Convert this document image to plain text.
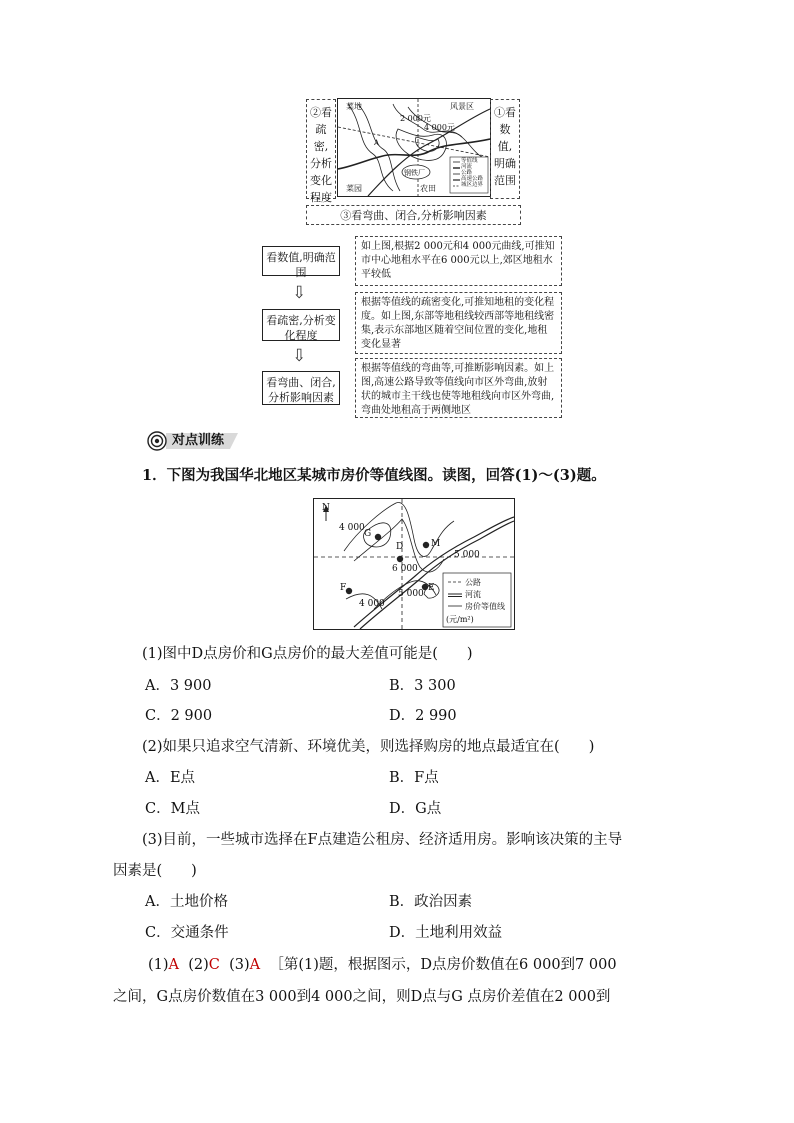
②看疏密,分析变化程度
菜地	风景区
2 000元
4 000元
菜园	农田
钢铁厂
A
等值线
河流
公路
高速公路
城区边界
①看数值,明确范围
③看弯曲、闭合,分析影响因素
看数值,明确范围
如上图,根据2 000元和4 000元曲线,可推知市中心地租水平在6 000元以上,郊区地租水平较低
⇩
看疏密,分析变化程度
根据等值线的疏密变化,可推知地租的变化程度。如上图,东部等地租线较西部等地租线密集,表示东部地区随着空间位置的变化,地租变化显著
⇩
看弯曲、闭合,分析影响因素
根据等值线的弯曲等,可推断影响因素。如上图,高速公路导致等值线向市区外弯曲,放射状的城市主干线也使等地租线向市区外弯曲,弯曲处地租高于两侧地区
对点训练
1．下图为我国华北地区某城市房价等值线图。读图，回答(1)～(3)题。
N
4 000
6 000
5 000
5 000
4 000
G
D	M
F	E
公路
河流
房价等值线
(元/m²)
(1)图中D点房价和G点房价的最大差值可能是(　　)
A．3 900	B．3 300
C．2 900	D．2 990
(2)如果只追求空气清新、环境优美，则选择购房的地点最适宜在(　　)
A．E点	B．F点
C．M点	D．G点
(3)目前，一些城市选择在F点建造公租房、经济适用房。影响该决策的主导
因素是(　　)
A．土地价格	B．政治因素
C．交通条件	D．土地利用效益
(1)A (2)C (3)A ［第(1)题，根据图示，D点房价数值在6 000到7 000
之间，G点房价数值在3 000到4 000之间，则D点与G 点房价差值在2 000到
